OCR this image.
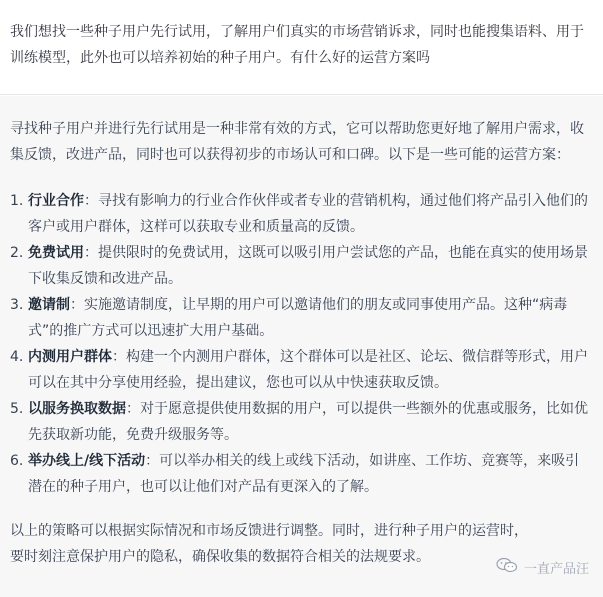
我们想找一些种子用户先行试用，了解用户们真实的市场营销诉求，同时也能搜集语料、用于训练模型，此外也可以培养初始的种子用户。有什么好的运营方案吗

寻找种子用户并进行先行试用是一种非常有效的方式，它可以帮助您更好地了解用户需求，收集反馈，改进产品，同时也可以获得初步的市场认可和口碑。以下是一些可能的运营方案：

1. 行业合作：寻找有影响力的行业合作伙伴或者专业的营销机构，通过他们将产品引入他们的客户或用户群体，这样可以获取专业和质量高的反馈。
2. 免费试用：提供限时的免费试用，这既可以吸引用户尝试您的产品，也能在真实的使用场景下收集反馈和改进产品。
3. 邀请制：实施邀请制度，让早期的用户可以邀请他们的朋友或同事使用产品。这种“病毒式”的推广方式可以迅速扩大用户基础。
4. 内测用户群体：构建一个内测用户群体，这个群体可以是社区、论坛、微信群等形式，用户可以在其中分享使用经验，提出建议，您也可以从中快速获取反馈。
5. 以服务换取数据：对于愿意提供使用数据的用户，可以提供一些额外的优惠或服务，比如优先获取新功能，免费升级服务等。
6. 举办线上/线下活动：可以举办相关的线上或线下活动，如讲座、工作坊、竞赛等，来吸引潜在的种子用户，也可以让他们对产品有更深入的了解。

以上的策略可以根据实际情况和市场反馈进行调整。同时，进行种子用户的运营时，要时刻注意保护用户的隐私，确保收集的数据符合相关的法规要求。

一直产品汪
